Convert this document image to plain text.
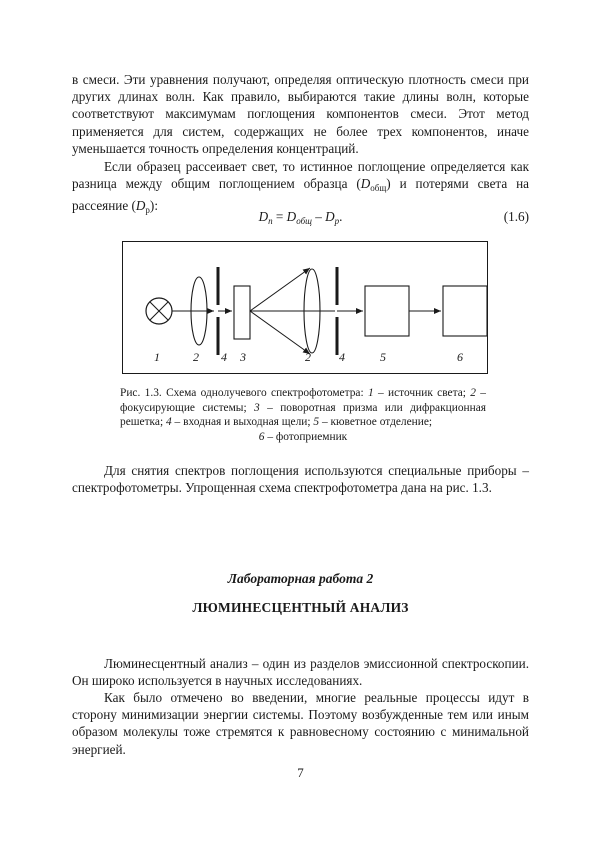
в смеси. Эти уравнения получают, определяя оптическую плотность смеси при других длинах волн. Как правило, выбираются такие длины волн, которые соответствуют максимумам поглощения компонентов смеси. Этот метод применяется для систем, содержащих не более трех компонентов, иначе уменьшается точность определения концентраций.

Если образец рассеивает свет, то истинное поглощение определяется как разница между общим поглощением образца $(D_{общ})$ и потерями света на рассеяние $(D_р)$:

$D_п = D_{общ} - D_р$.	(1.6)
1	2 4 3	2 4	5	6

Рис. 1.3. Схема однолучевого спектрофотометра: 1 – источник света; 2 – фокусирующие системы; 3 – поворотная призма или дифракционная решетка; 4 – входная и выходная щели; 5 – кюветное отделение;
6 – фотоприемник

Для снятия спектров поглощения используются специальные приборы – спектрофотометры. Упрощенная схема спектрофотометра дана на рис. 1.3.

Лабораторная работа 2
ЛЮМИНЕСЦЕНТНЫЙ АНАЛИЗ

Люминесцентный анализ – один из разделов эмиссионной спектроскопии. Он широко используется в научных исследованиях.

Как было отмечено во введении, многие реальные процессы идут в сторону минимизации энергии системы. Поэтому возбужденные тем или иным образом молекулы тоже стремятся к равновесному состоянию с минимальной энергией.

7
